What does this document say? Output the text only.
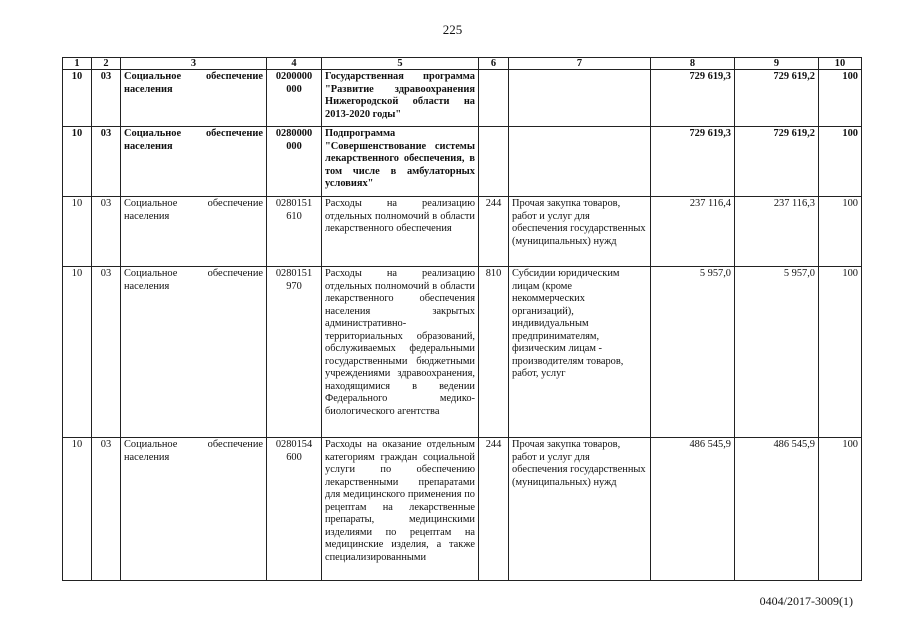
225
1	2	3	4	5	6	7	8	9	10
10	03	Социальное обеспечение населения	0200000 000	Государственная программа "Развитие здравоохранения Нижегородской области на 2013-2020 годы"			729 619,3	729 619,2	100
10	03	Социальное обеспечение населения	0280000 000	Подпрограмма "Совершенствование системы лекарственного обеспечения, в том числе в амбулаторных условиях"			729 619,3	729 619,2	100
10	03	Социальное обеспечение населения	0280151 610	Расходы на реализацию отдельных полномочий в области лекарственного обеспечения	244	Прочая закупка товаров, работ и услуг для обеспечения государственных (муниципальных) нужд	237 116,4	237 116,3	100
10	03	Социальное обеспечение населения	0280151 970	Расходы на реализацию отдельных полномочий в области лекарственного обеспечения населения закрытых административно-территориальных образований, обслуживаемых федеральными государственными бюджетными учреждениями здравоохранения, находящимися в ведении Федерального медико-биологического агентства	810	Субсидии юридическим лицам (кроме некоммерческих организаций), индивидуальным предпринимателям, физическим лицам - производителям товаров, работ, услуг	5 957,0	5 957,0	100
10	03	Социальное обеспечение населения	0280154 600	Расходы на оказание отдельным категориям граждан социальной услуги по обеспечению лекарственными препаратами для медицинского применения по рецептам на лекарственные препараты, медицинскими изделиями по рецептам на медицинские изделия, а также специализированными	244	Прочая закупка товаров, работ и услуг для обеспечения государственных (муниципальных) нужд	486 545,9	486 545,9	100
0404/2017-3009(1)
